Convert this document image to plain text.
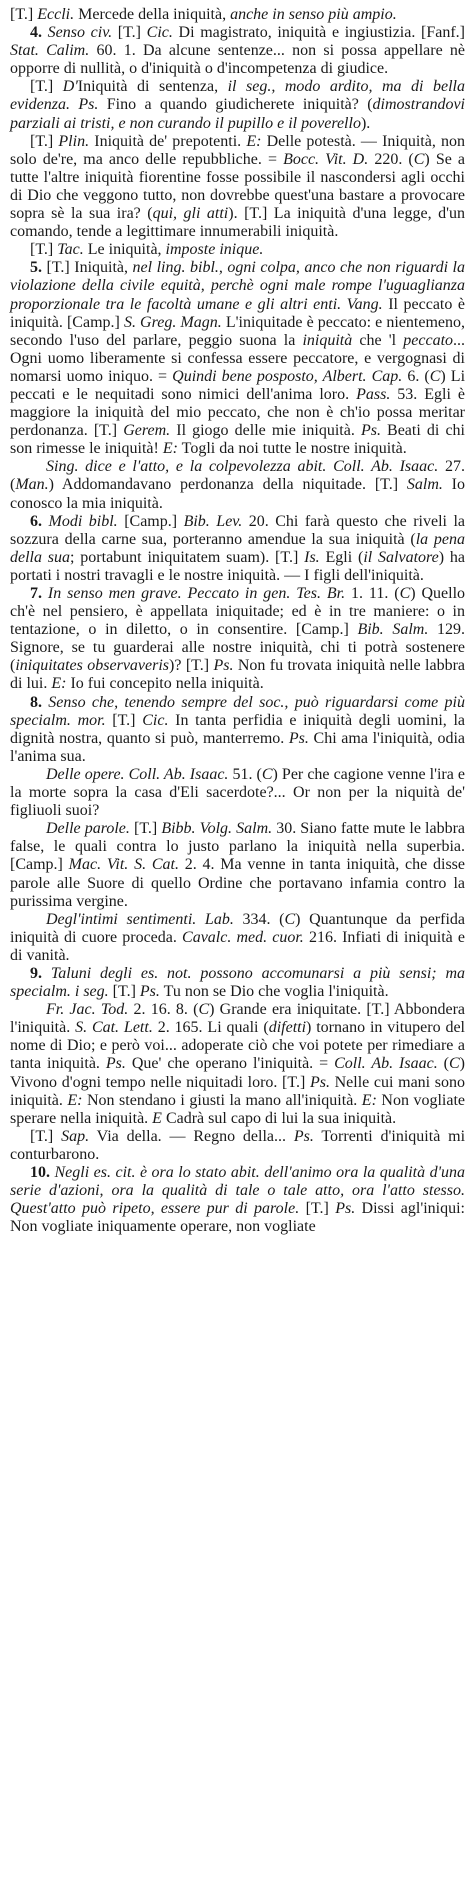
[T.] Eccli. Mercede della iniquità, anche in senso più ampio.

4. Senso civ. [T.] Cic. Di magistrato, iniquità e ingiustizia. [Fanf.] Stat. Calim. 60. 1. Da alcune sentenze... non si possa appellare nè opporre di nullità, o d'iniquità o d'incompetenza di giudice.

[T.] D'Iniquità di sentenza, il seg., modo ardito, ma di bella evidenza. Ps. Fino a quando giudicherete iniquità? (dimostrandovi parziali ai tristi, e non curando il pupillo e il poverello).

[T.] Plin. Iniquità de' prepotenti. E: Delle potestà. — Iniquità, non solo de're, ma anco delle repubbliche. = Bocc. Vit. D. 220. (C) Se a tutte l'altre iniquità fiorentine fosse possibile il nascondersi agli occhi di Dio che veggono tutto, non dovrebbe quest'una bastare a provocare sopra sè la sua ira? (qui, gli atti). [T.] La iniquità d'una legge, d'un comando, tende a legittimare innumerabili iniquità.

[T.] Tac. Le iniquità, imposte inique.

5. [T.] Iniquità, nel ling. bibl., ogni colpa, anco che non riguardi la violazione della civile equità, perchè ogni male rompe l'uguaglianza proporzionale tra le facoltà umane e gli altri enti. Vang. Il peccato è iniquità. [Camp.] S. Greg. Magn. L'iniquitade è peccato: e nientemeno, secondo l'uso del parlare, peggio suona la iniquità che 'l peccato... Ogni uomo liberamente si confessa essere peccatore, e vergognasi di nomarsi uomo iniquo. = Quindi bene posposto, Albert. Cap. 6. (C) Li peccati e le nequitadi sono nimici dell'anima loro. Pass. 53. Egli è maggiore la iniquità del mio peccato, che non è ch'io possa meritar perdonanza. [T.] Gerem. Il giogo delle mie iniquità. Ps. Beati di chi son rimesse le iniquità! E: Togli da noi tutte le nostre iniquità.

Sing. dice e l'atto, e la colpevolezza abit. Coll. Ab. Isaac. 27. (Man.) Addomandavano perdonanza della niquitade. [T.] Salm. Io conosco la mia iniquità.

6. Modi bibl. [Camp.] Bib. Lev. 20. Chi farà questo che riveli la sozzura della carne sua, porteranno amendue la sua iniquità (la pena della sua; portabunt iniquitatem suam). [T.] Is. Egli (il Salvatore) ha portati i nostri travagli e le nostre iniquità. — I figli dell'iniquità.

7. In senso men grave. Peccato in gen. Tes. Br. 1. 11. (C) Quello ch'è nel pensiero, è appellata iniquitade; ed è in tre maniere: o in tentazione, o in diletto, o in consentire. [Camp.] Bib. Salm. 129. Signore, se tu guarderai alle nostre iniquità, chi ti potrà sostenere (iniquitates observaveris)? [T.] Ps. Non fu trovata iniquità nelle labbra di lui. E: Io fui concepito nella iniquità.

8. Senso che, tenendo sempre del soc., può riguardarsi come più specialm. mor. [T.] Cic. In tanta perfidia e iniquità degli uomini, la dignità nostra, quanto si può, manterremo. Ps. Chi ama l'iniquità, odia l'anima sua.

Delle opere. Coll. Ab. Isaac. 51. (C) Per che cagione venne l'ira e la morte sopra la casa d'Eli sacerdote?... Or non per la niquità de' figliuoli suoi?

Delle parole. [T.] Bibb. Volg. Salm. 30. Siano fatte mute le labbra false, le quali contra lo justo parlano la iniquità nella superbia. [Camp.] Mac. Vit. S. Cat. 2. 4. Ma venne in tanta iniquità, che disse parole alle Suore di quello Ordine che portavano infamia contro la purissima vergine.

Degl'intimi sentimenti. Lab. 334. (C) Quantunque da perfida iniquità di cuore proceda. Cavalc. med. cuor. 216. Infiati di iniquità e di vanità.

9. Taluni degli es. not. possono accomunarsi a più sensi; ma specialm. i seg. [T.] Ps. Tu non se Dio che voglia l'iniquità.

Fr. Jac. Tod. 2. 16. 8. (C) Grande era iniquitate. [T.] Abbondera l'iniquità. S. Cat. Lett. 2. 165. Li quali (difetti) tornano in vitupero del nome di Dio; e però voi... adoperate ciò che voi potete per rimediare a tanta iniquità. Ps. Que' che operano l'iniquità. = Coll. Ab. Isaac. (C) Vivono d'ogni tempo nelle niquitadi loro. [T.] Ps. Nelle cui mani sono iniquità. E: Non stendano i giusti la mano all'iniquità. E: Non vogliate sperare nella iniquità. E Cadrà sul capo di lui la sua iniquità.

[T.] Sap. Via della. — Regno della... Ps. Torrenti d'iniquità mi conturbarono.

10. Negli es. cit. è ora lo stato abit. dell'animo ora la qualità d'una serie d'azioni, ora la qualità di tale o tale atto, ora l'atto stesso. Quest'atto può ripeto, essere pur di parole. [T.] Ps. Dissi agl'iniqui: Non vogliate iniquamente operare, non vogliate
